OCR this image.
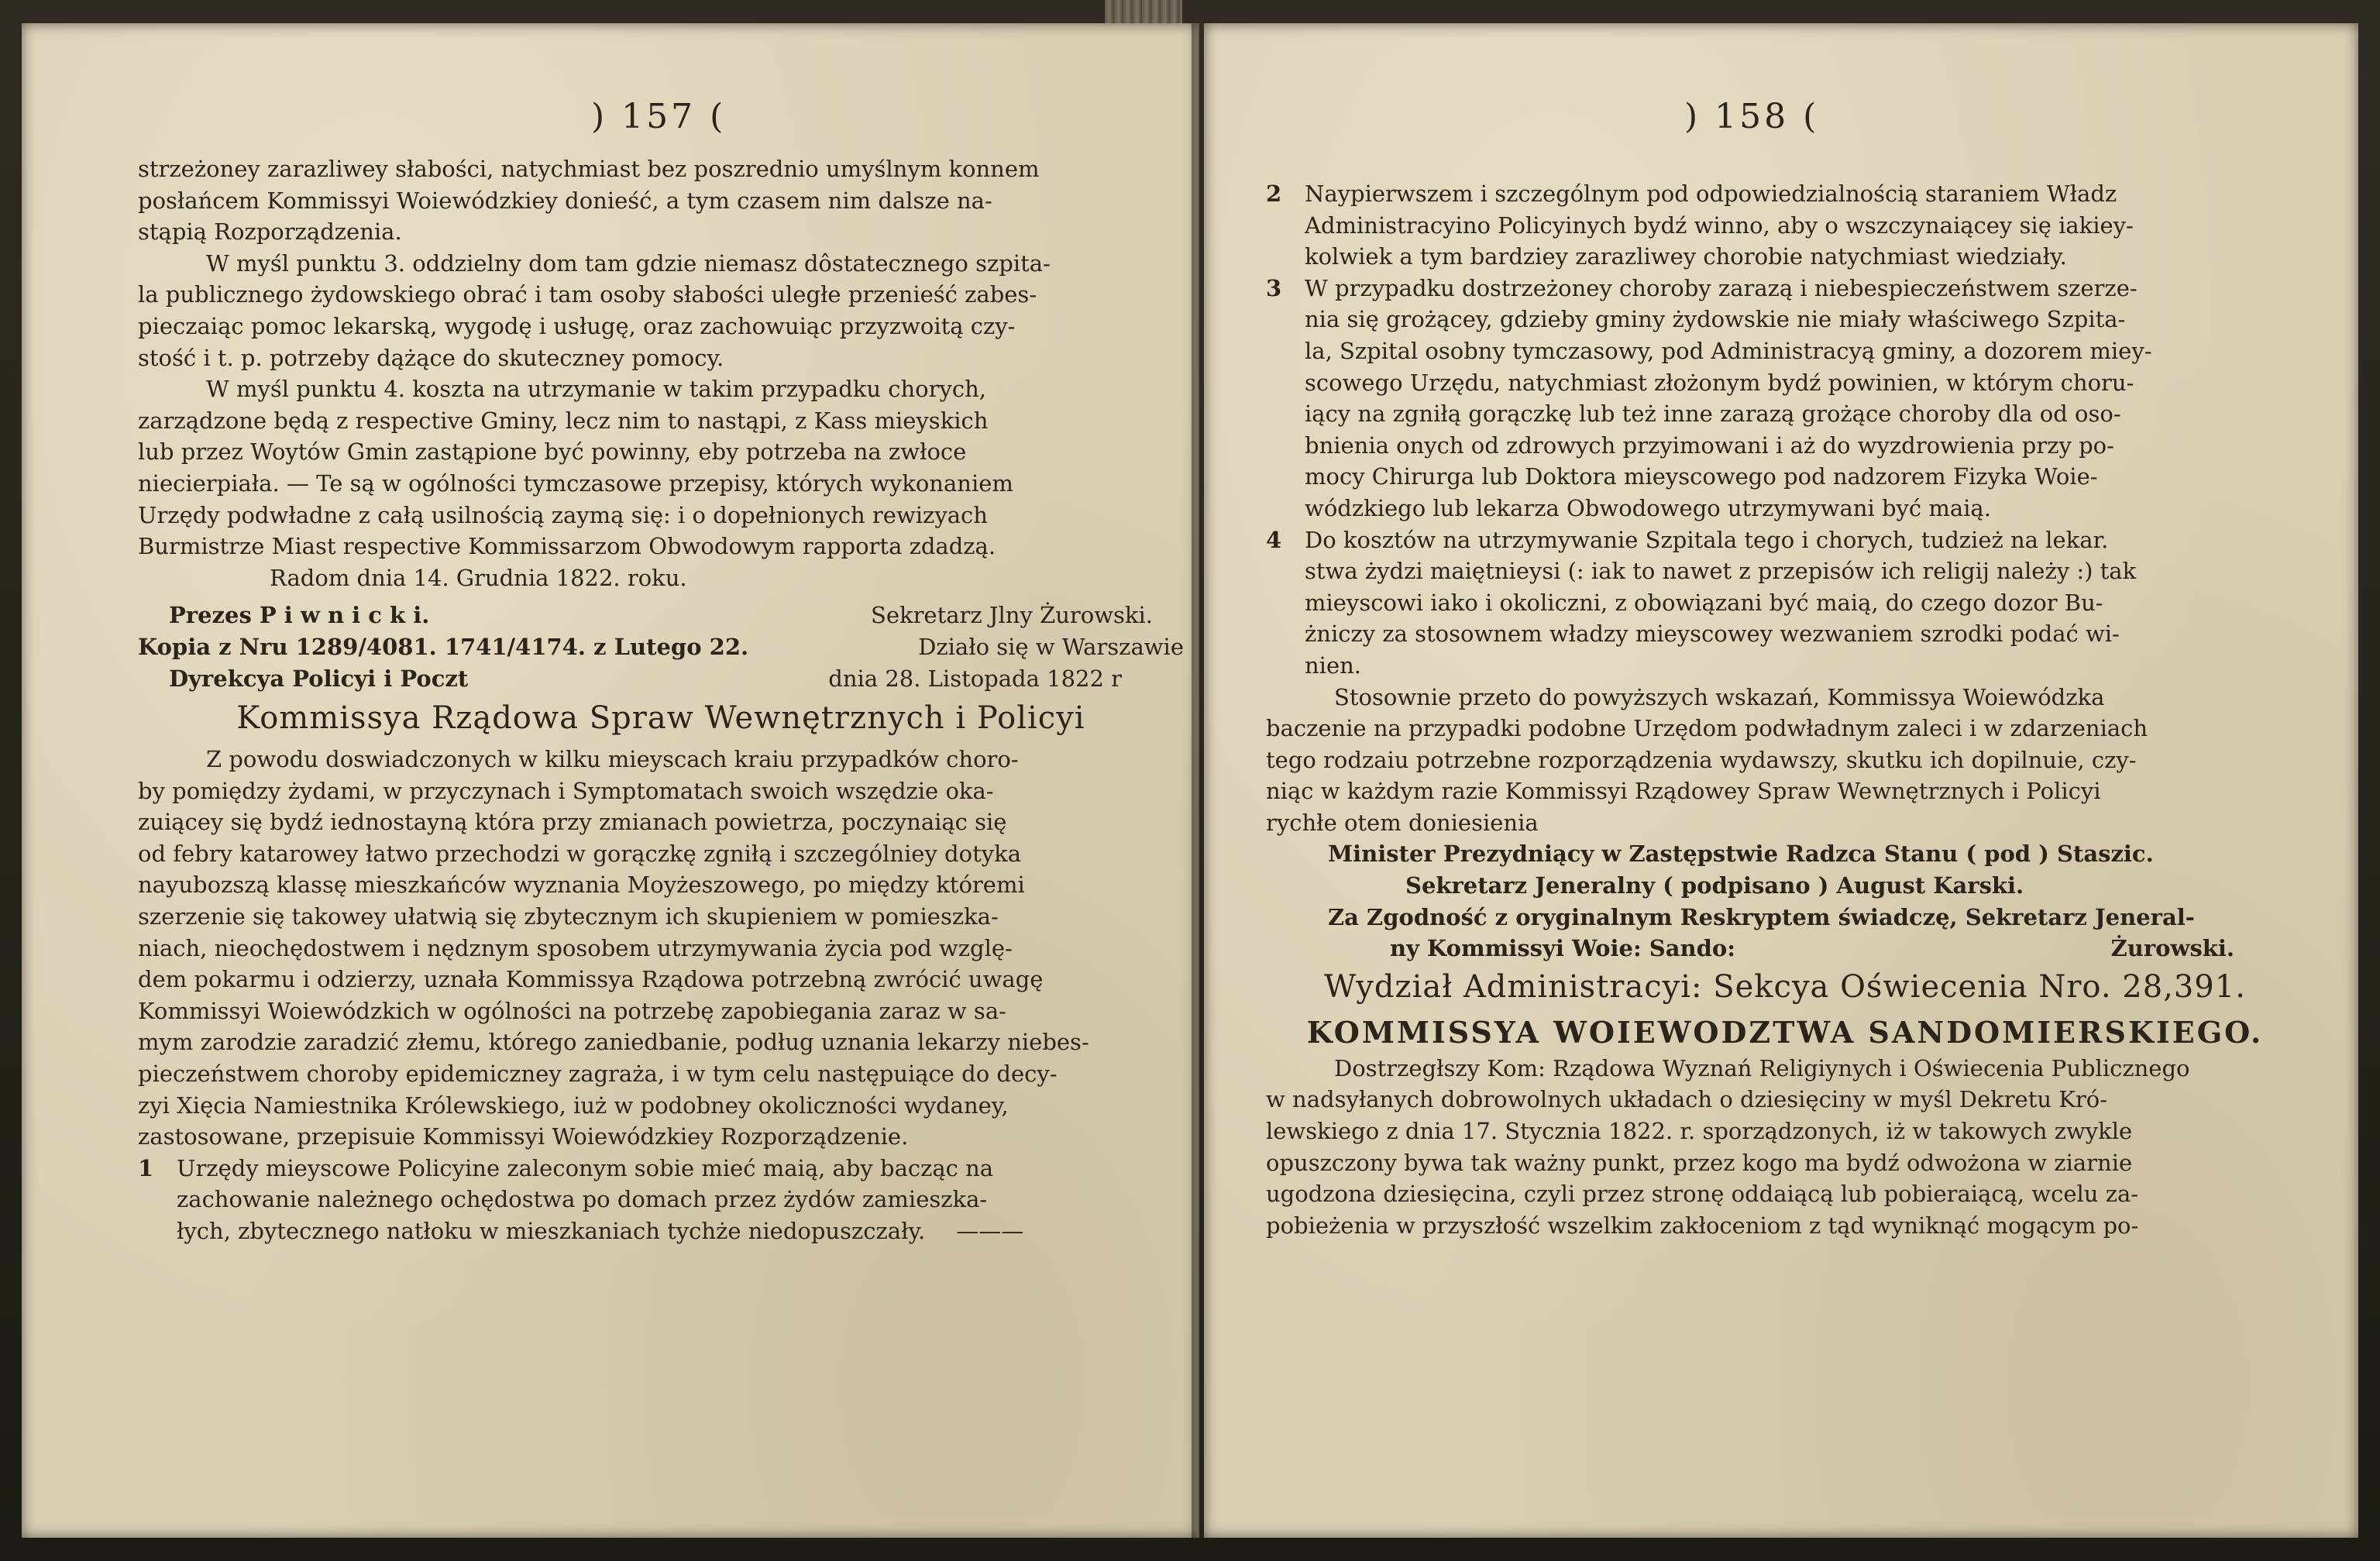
) 157 (

strzeżoney zarazliwey słabości, natychmiast bez poszrednio umyślnym konnem
posłańcem Kommissyi Woiewódzkiey donieść, a tym czasem nim dalsze na-
stąpią Rozporządzenia.

W myśl punktu 3. oddzielny dom tam gdzie niemasz dôstatecznego szpita-
la publicznego żydowskiego obrać i tam osoby słabości uległe przenieść zabes-
pieczaiąc pomoc lekarską, wygodę i usługę, oraz zachowuiąc przyzwoitą czy-
stość i t. p. potrzeby dążące do skuteczney pomocy.

W myśl punktu 4. koszta na utrzymanie w takim przypadku chorych,
zarządzone będą z respective Gminy, lecz nim to nastąpi, z Kass mieyskich
lub przez Woytów Gmin zastąpione być powinny, eby potrzeba na zwłoce
niecierpiała. — Te są w ogólności tymczasowe przepisy, których wykonaniem
Urzędy podwładne z całą usilnością zaymą się: i o dopełnionych rewizyach
Burmistrze Miast respective Kommissarzom Obwodowym rapporta zdadzą.

Radom dnia 14. Grudnia 1822. roku.

Prezes P i w n i c k i.	Sekretarz Jlny Żurowski.
Kopia z Nru 1289/4081. 1741/4174. z Lutego 22.	Działo się w Warszawie
Dyrekcya Policyi i Poczt	dnia 28. Listopada 1822 r
Kommissya Rządowa Spraw Wewnętrznych i Policyi

Z powodu doswiadczonych w kilku mieyscach kraiu przypadków choro-
by pomiędzy żydami, w przyczynach i Symptomatach swoich wszędzie oka-
zuiącey się bydź iednostayną która przy zmianach powietrza, poczynaiąc się
od febry katarowey łatwo przechodzi w gorączkę zgniłą i szczególniey dotyka
nayubozszą klassę mieszkańców wyznania Moyżeszowego, po między któremi
szerzenie się takowey ułatwią się zbytecznym ich skupieniem w pomieszka-
niach, nieochędostwem i nędznym sposobem utrzymywania życia pod wzglę-
dem pokarmu i odzierzy, uznała Kommissya Rządowa potrzebną zwrócić uwagę
Kommissyi Woiewódzkich w ogólności na potrzebę zapobiegania zaraz w sa-
mym zarodzie zaradzić złemu, którego zaniedbanie, podług uznania lekarzy niebes-
pieczeństwem choroby epidemiczney zagraża, i w tym celu następuiące do decy-
zyi Xięcia Namiestnika Królewskiego, iuż w podobney okoliczności wydaney,
zastosowane, przepisuie Kommissyi Woiewódzkiey Rozporządzenie.

1	Urzędy mieyscowe Policyine zaleconym sobie mieć maią, aby bacząc na
zachowanie należnego ochędostwa po domach przez żydów zamieszka-
łych, zbytecznego natłoku w mieszkaniach tychże niedopuszczały. ———
) 158 (
2	Naypierwszem i szczególnym pod odpowiedzialnością staraniem Władz
Administracyino Policyinych bydź winno, aby o wszczynaiącey się iakiey-
kolwiek a tym bardziey zarazliwey chorobie natychmiast wiedziały.
3	W przypadku dostrzeżoney choroby zarazą i niebespieczeństwem szerze-
nia się grożącey, gdzieby gminy żydowskie nie miały właściwego Szpita-
la, Szpital osobny tymczasowy, pod Administracyą gminy, a dozorem miey-
scowego Urzędu, natychmiast złożonym bydź powinien, w którym choru-
iący na zgniłą gorączkę lub też inne zarazą grożące choroby dla od oso-
bnienia onych od zdrowych przyimowani i aż do wyzdrowienia przy po-
mocy Chirurga lub Doktora mieyscowego pod nadzorem Fizyka Woie-
wódzkiego lub lekarza Obwodowego utrzymywani być maią.
4	Do kosztów na utrzymywanie Szpitala tego i chorych, tudzież na lekar.
stwa żydzi maiętnieysi (: iak to nawet z przepisów ich religij należy :) tak
mieyscowi iako i okoliczni, z obowiązani być maią, do czego dozor Bu-
żniczy za stosownem władzy mieyscowey wezwaniem szrodki podać wi-
nien.

Stosownie przeto do powyższych wskazań, Kommissya Woiewódzka
baczenie na przypadki podobne Urzędom podwładnym zaleci i w zdarzeniach
tego rodzaiu potrzebne rozporządzenia wydawszy, skutku ich dopilnuie, czy-
niąc w każdym razie Kommissyi Rządowey Spraw Wewnętrznych i Policyi
rychłe otem doniesienia

Minister Prezydniący w Zastępstwie Radzca Stanu ( pod ) Staszic.

Sekretarz Jeneralny ( podpisano ) August Karski.

Za Zgodność z oryginalnym Reskryptem świadczę, Sekretarz Jeneral-

ny Kommissyi Woie: Sando:	Żurowski.
Wydział Administracyi: Sekcya Oświecenia Nro. 28,391.
KOMMISSYA WOIEWODZTWA SANDOMIERSKIEGO.

Dostrzegłszy Kom: Rządowa Wyznań Religiynych i Oświecenia Publicznego
w nadsyłanych dobrowolnych układach o dziesięciny w myśl Dekretu Kró-
lewskiego z dnia 17. Stycznia 1822. r. sporządzonych, iż w takowych zwykle
opuszczony bywa tak ważny punkt, przez kogo ma bydź odwożona w ziarnie
ugodzona dziesięcina, czyli przez stronę oddaiącą lub pobieraiącą, wcelu za-
pobieżenia w przyszłość wszelkim zakłoceniom z tąd wyniknąć mogącym po-
